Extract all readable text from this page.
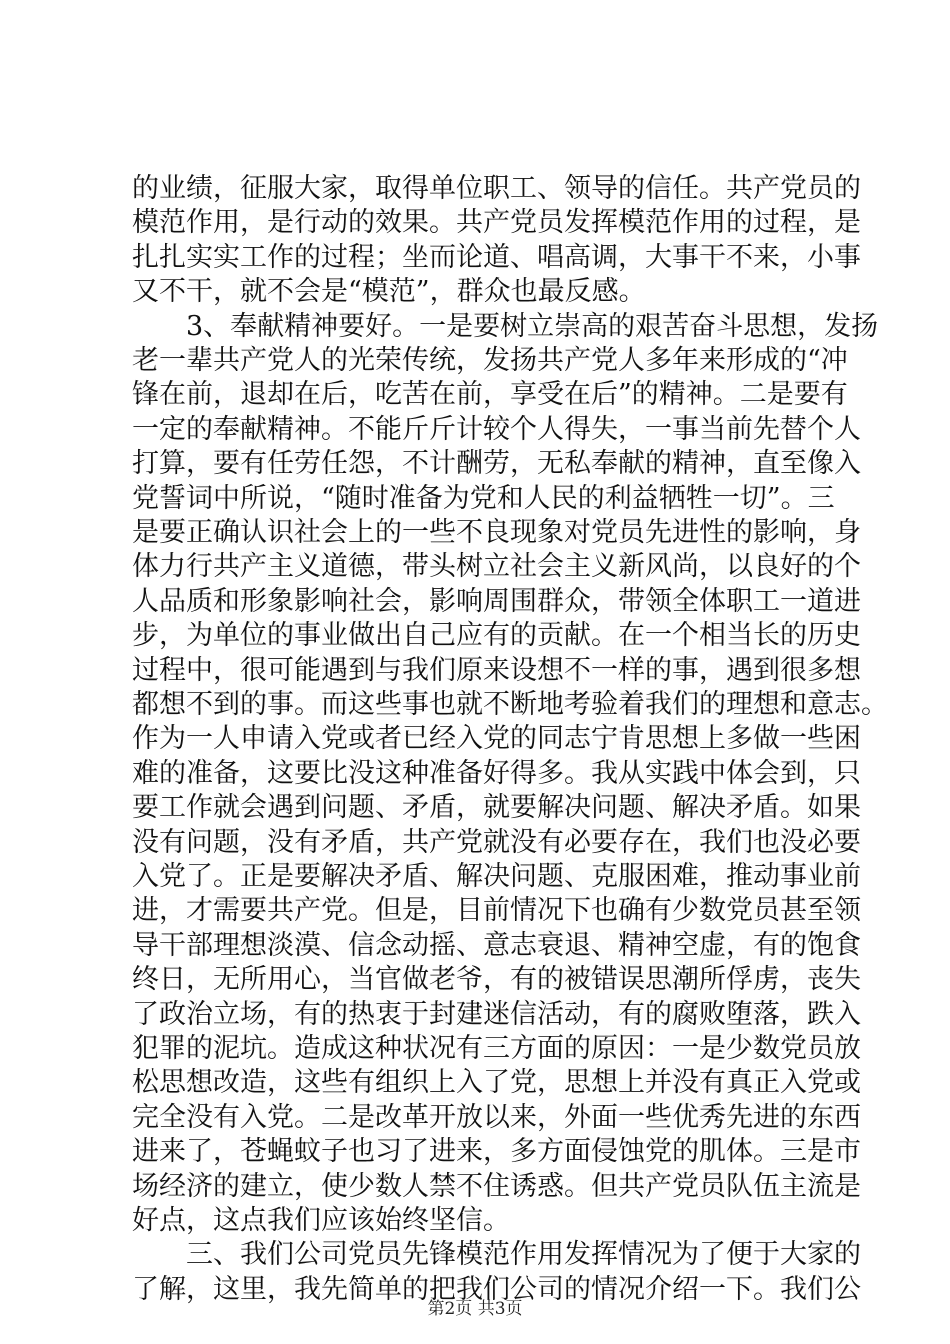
的业绩，征服大家，取得单位职工、领导的信任。共产党员的
模范作用，是行动的效果。共产党员发挥模范作用的过程，是
扎扎实实工作的过程；坐而论道、唱高调，大事干不来，小事
又不干，就不会是“模范”，群众也最反感。
　　3、奉献精神要好。一是要树立崇高的艰苦奋斗思想，发扬
老一辈共产党人的光荣传统，发扬共产党人多年来形成的“冲
锋在前，退却在后，吃苦在前，享受在后”的精神。二是要有
一定的奉献精神。不能斤斤计较个人得失，一事当前先替个人
打算，要有任劳任怨，不计酬劳，无私奉献的精神，直至像入
党誓词中所说，“随时准备为党和人民的利益牺牲一切”。三
是要正确认识社会上的一些不良现象对党员先进性的影响，身
体力行共产主义道德，带头树立社会主义新风尚，以良好的个
人品质和形象影响社会，影响周围群众，带领全体职工一道进
步，为单位的事业做出自己应有的贡献。在一个相当长的历史
过程中，很可能遇到与我们原来设想不一样的事，遇到很多想
都想不到的事。而这些事也就不断地考验着我们的理想和意志。
作为一人申请入党或者已经入党的同志宁肯思想上多做一些困
难的准备，这要比没这种准备好得多。我从实践中体会到，只
要工作就会遇到问题、矛盾，就要解决问题、解决矛盾。如果
没有问题，没有矛盾，共产党就没有必要存在，我们也没必要
入党了。正是要解决矛盾、解决问题、克服困难，推动事业前
进，才需要共产党。但是，目前情况下也确有少数党员甚至领
导干部理想淡漠、信念动摇、意志衰退、精神空虚，有的饱食
终日，无所用心，当官做老爷，有的被错误思潮所俘虏，丧失
了政治立场，有的热衷于封建迷信活动，有的腐败堕落，跌入
犯罪的泥坑。造成这种状况有三方面的原因：一是少数党员放
松思想改造，这些有组织上入了党，思想上并没有真正入党或
完全没有入党。二是改革开放以来，外面一些优秀先进的东西
进来了，苍蝇蚊子也习了进来，多方面侵蚀党的肌体。三是市
场经济的建立，使少数人禁不住诱惑。但共产党员队伍主流是
好点，这点我们应该始终坚信。
　　三、我们公司党员先锋模范作用发挥情况为了便于大家的
了解，这里，我先简单的把我们公司的情况介绍一下。我们公
第2页 共3页
